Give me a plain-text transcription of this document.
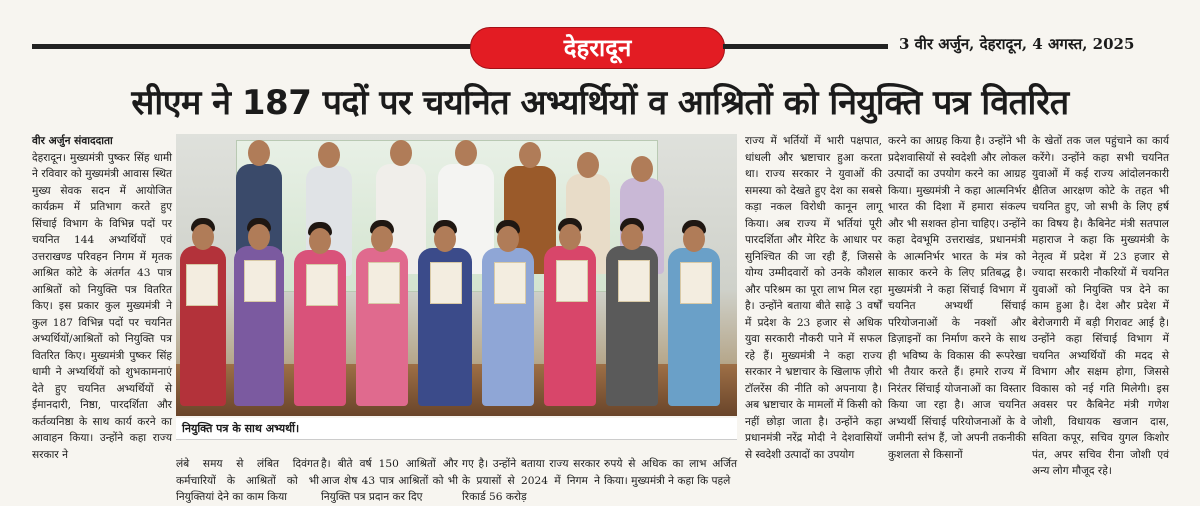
देहरादून	3 वीर अर्जुन, देहरादून, 4 अगस्त, 2025
सीएम ने 187 पदों पर चयनित अभ्यर्थियों व आश्रितों को नियुक्ति पत्र वितरित
वीर अर्जुन संवाददाता

देहरादून। मुख्यमंत्री पुष्कर सिंह धामी ने रविवार को मुख्यमंत्री आवास स्थित मुख्य सेवक सदन में आयोजित कार्यक्रम में प्रतिभाग करते हुए सिंचाई विभाग के विभिन्न पदों पर चयनित 144 अभ्यर्थियों एवं उत्तराखण्ड परिवहन निगम में मृतक आश्रित कोटे के अंतर्गत 43 पात्र आश्रितों को नियुक्ति पत्र वितरित किए। इस प्रकार कुल मुख्यमंत्री ने कुल 187 विभिन्न पदों पर चयनित अभ्यर्थियों/आश्रितों को नियुक्ति पत्र वितरित किए। मुख्यमंत्री पुष्कर सिंह धामी ने अभ्यर्थियों को शुभकामनाएं देते हुए चयनित अभ्यर्थियों से ईमानदारी, निष्ठा, पारदर्शिता और कर्तव्यनिष्ठा के साथ कार्य करने का आवाहन किया। उन्होंने कहा राज्य सरकार ने

नियुक्ति पत्र के साथ अभ्यर्थी।

लंबे समय से लंबित दिवंगत कर्मचारियों के आश्रितों को भी नियुक्तियां देने का काम किया

है। बीते वर्ष 150 आश्रितों और आज शेष 43 पात्र आश्रितों को भी नियुक्ति पत्र प्रदान कर दिए

गए है। उन्होंने बताया राज्य सरकार के प्रयासों से 2024 में निगम ने रिकार्ड 56 करोड़

रुपये से अधिक का लाभ अर्जित किया। मुख्यमंत्री ने कहा कि पहले

राज्य में भर्तियों में भारी पक्षपात, धांधली और भ्रष्टाचार हुआ करता था। राज्य सरकार ने युवाओं की समस्या को देखते हुए देश का सबसे कड़ा नकल विरोधी कानून लागू किया। अब राज्य में भर्तियां पूरी पारदर्शिता और मेरिट के आधार पर सुनिश्चित की जा रही हैं, जिससे योग्य उम्मीदवारों को उनके कौशल और परिश्रम का पूरा लाभ मिल रहा है। उन्होंने बताया बीते साढ़े 3 वर्षों में प्रदेश के 23 हजार से अधिक युवा सरकारी नौकरी पाने में सफल रहे हैं। मुख्यमंत्री ने कहा राज्य सरकार ने भ्रष्टाचार के खिलाफ ज़ीरो टॉलरेंस की नीति को अपनाया है। अब भ्रष्टाचार के मामलों में किसी को नहीं छोड़ा जाता है। उन्होंने कहा प्रधानमंत्री नरेंद्र मोदी ने देशवासियों से स्वदेशी उत्पादों का उपयोग

करने का आग्रह किया है। उन्होंने भी प्रदेशवासियों से स्वदेशी और लोकल उत्पादों का उपयोग करने का आग्रह किया। मुख्यमंत्री ने कहा आत्मनिर्भर भारत की दिशा में हमारा संकल्प और भी सशक्त होना चाहिए। उन्होंने कहा देवभूमि उत्तराखंड, प्रधानमंत्री के आत्मनिर्भर भारत के मंत्र को साकार करने के लिए प्रतिबद्ध है। मुख्यमंत्री ने कहा सिंचाई विभाग में चयनित अभ्यर्थी सिंचाई परियोजनाओं के नक्शों और डिज़ाइनों का निर्माण करने के साथ ही भविष्य के विकास की रूपरेखा भी तैयार करते हैं। हमारे राज्य में निरंतर सिंचाई योजनाओं का विस्तार किया जा रहा है। आज चयनित अभ्यर्थी सिंचाई परियोजनाओं के वे जमीनी स्तंभ हैं, जो अपनी तकनीकी कुशलता से किसानों

के खेतों तक जल पहुंचाने का कार्य करेंगे। उन्होंने कहा सभी चयनित युवाओं में कई राज्य आंदोलनकारी क्षैतिज आरक्षण कोटे के तहत भी चयनित हुए, जो सभी के लिए हर्ष का विषय है। कैबिनेट मंत्री सतपाल महाराज ने कहा कि मुख्यमंत्री के नेतृत्व में प्रदेश में 23 हजार से ज्यादा सरकारी नौकरियों में चयनित युवाओं को नियुक्ति पत्र देने का काम हुआ है। देश और प्रदेश में बेरोजगारी में बड़ी गिरावट आई है। उन्होंने कहा सिंचाई विभाग में चयनित अभ्यर्थियों की मदद से विभाग और सक्षम होगा, जिससे विकास को नई गति मिलेगी। इस अवसर पर कैबिनेट मंत्री गणेश जोशी, विधायक खजान दास, सविता कपूर, सचिव युगल किशोर पंत, अपर सचिव रीना जोशी एवं अन्य लोग मौजूद रहे।
